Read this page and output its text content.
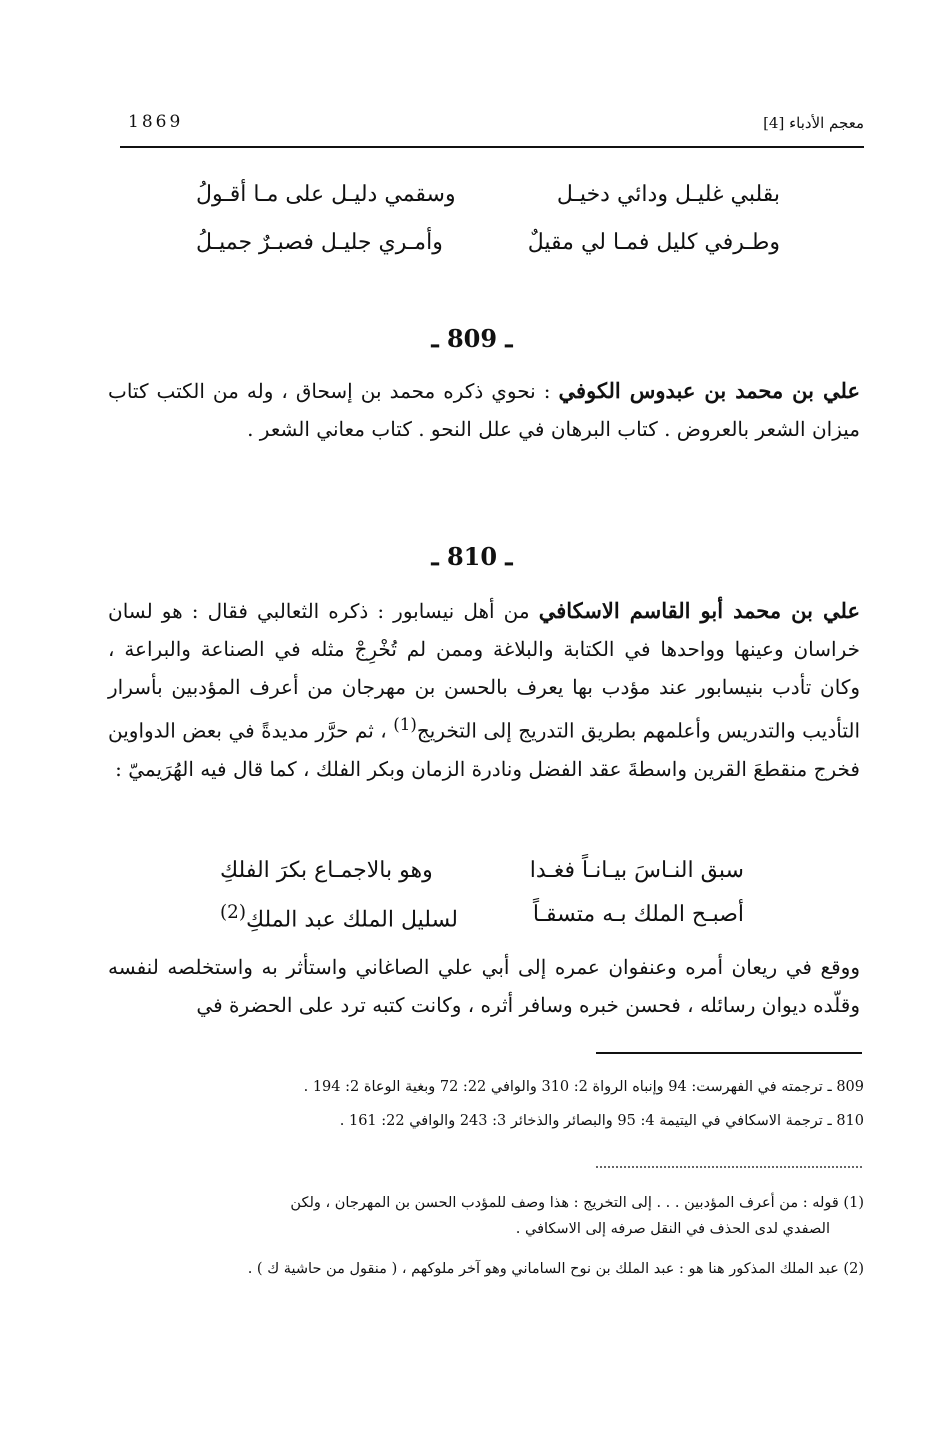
1869	معجم الأدباء [4]
بقلبي غليـل ودائي دخيـل
وسقمي دليـل على مـا أقـولُ
وطـرفي كليل فمـا لي مقيلٌ
وأمـري جليـل فصبـرٌ جميـلُ
ـ 809 ـ

علي بن محمد بن عبدوس الكوفي : نحوي ذكره محمد بن إسحاق ، وله من الكتب كتاب ميزان الشعر بالعروض . كتاب البرهان في علل النحو . كتاب معاني الشعر .

ـ 810 ـ

علي بن محمد أبو القاسم الاسكافي من أهل نيسابور : ذكره الثعالبي فقال : هو لسان خراسان وعينها وواحدها في الكتابة والبلاغة وممن لم تُخْرِجْ مثله في الصناعة والبراعة ، وكان تأدب بنيسابور عند مؤدب بها يعرف بالحسن بن مهرجان من أعرف المؤدبين بأسرار التأديب والتدريس وأعلمهم بطريق التدريج إلى التخريج$^{(1)}$ ، ثم حرَّر مديدةً في بعض الدواوين فخرج منقطعَ القرين واسطةَ عقد الفضل ونادرة الزمان وبكر الفلك ، كما قال فيه الهُرَيميّ :

سبق النـاسَ بيـانـاً فغـدا
وهو بالاجمـاع بكرَ الفلكِ
أصبـح الملك بـه متسقـاً
لسليل الملك عبد الملكِ$^{(2)}$

ووقع في ريعان أمره وعنفوان عمره إلى أبي علي الصاغاني واستأثر به واستخلصه لنفسه وقلّده ديوان رسائله ، فحسن خبره وسافر أثره ، وكانت كتبه ترد على الحضرة في

809 ـ ترجمته في الفهرست: 94 وإنباه الرواة 2: 310 والوافي 22: 72 وبغية الوعاة 2: 194 .

810 ـ ترجمة الاسكافي في اليتيمة 4: 95 والبصائر والذخائر 3: 243 والوافي 22: 161 .

(1) قوله : من أعرف المؤدبين . . . إلى التخريج : هذا وصف للمؤدب الحسن بن المهرجان ، ولكن
الصفدي لدى الحذف في النقل صرفه إلى الاسكافي .

(2) عبد الملك المذكور هنا هو : عبد الملك بن نوح الساماني وهو آخر ملوكهم ، ( منقول من حاشية ك ) .
